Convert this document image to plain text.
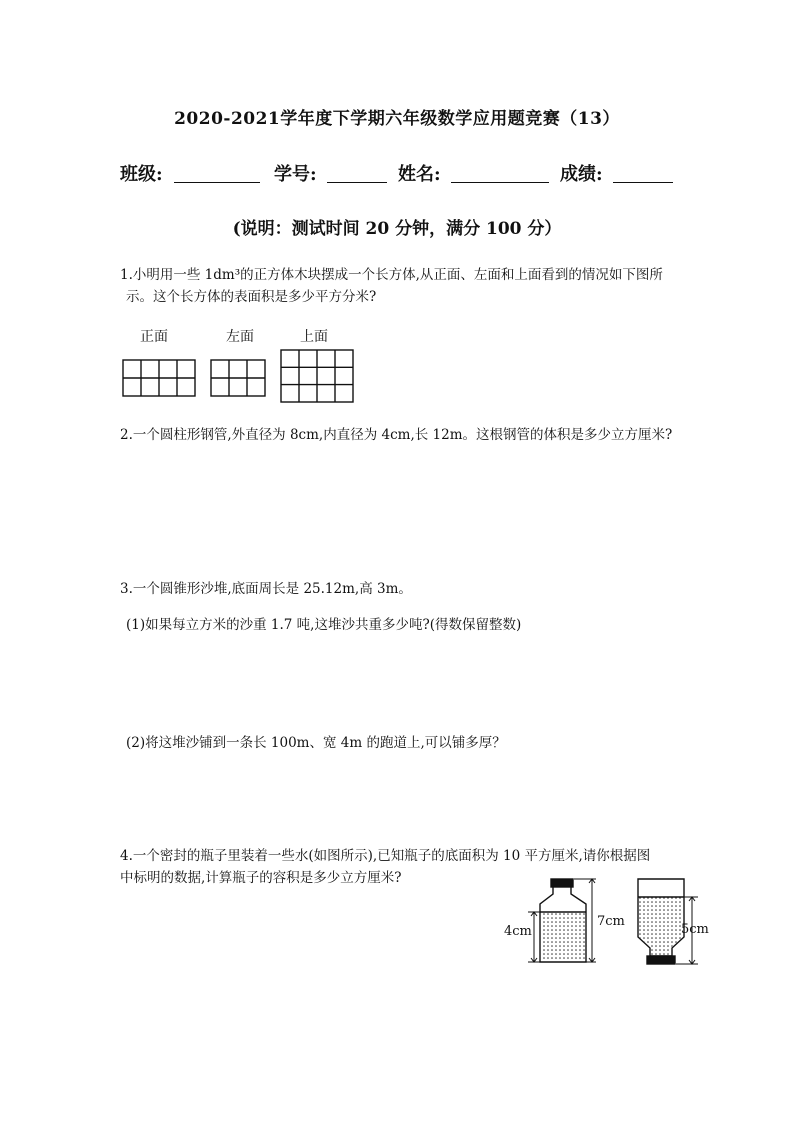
2020-2021学年度下学期六年级数学应用题竞赛（13）
班级:	学号:	姓名:	成绩:
(说明：测试时间 20 分钟，满分 100 分）
1.小明用一些 1dm³的正方体木块摆成一个长方体,从正面、左面和上面看到的情况如下图所
示。这个长方体的表面积是多少平方分米?
正面	左面	上面
2.一个圆柱形钢管,外直径为 8cm,内直径为 4cm,长 12m。这根钢管的体积是多少立方厘米?
3.一个圆锥形沙堆,底面周长是 25.12m,高 3m。
(1)如果每立方米的沙重 1.7 吨,这堆沙共重多少吨?(得数保留整数)
(2)将这堆沙铺到一条长 100m、宽 4m 的跑道上,可以铺多厚？
4.一个密封的瓶子里装着一些水(如图所示),已知瓶子的底面积为 10 平方厘米,请你根据图
中标明的数据,计算瓶子的容积是多少立方厘米?
4cm
7cm
5cm
